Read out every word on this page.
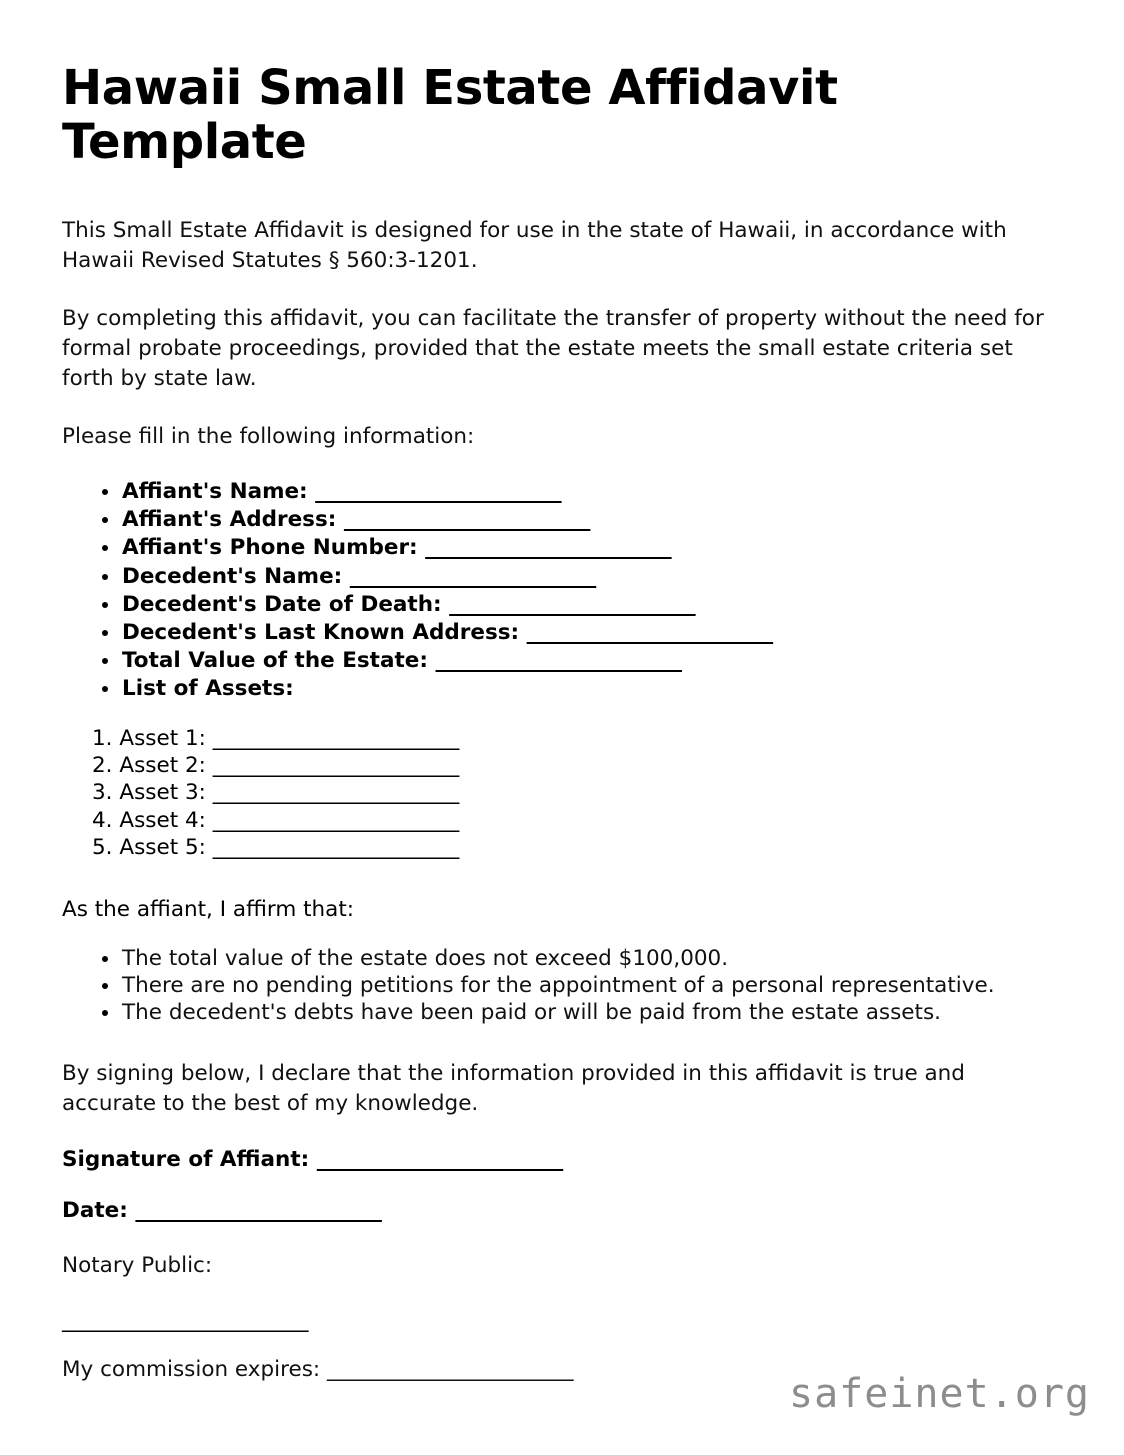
Hawaii Small Estate Affidavit Template

This Small Estate Affidavit is designed for use in the state of Hawaii, in accordance with Hawaii Revised Statutes § 560:3-1201.

By completing this affidavit, you can facilitate the transfer of property without the need for formal probate proceedings, provided that the estate meets the small estate criteria set forth by state law.

Please fill in the following information:

Affiant's Name: ________________________
Affiant's Address: ________________________
Affiant's Phone Number: ________________________
Decedent's Name: ________________________
Decedent's Date of Death: ________________________
Decedent's Last Known Address: ________________________
Total Value of the Estate: ________________________
List of Assets:
1. Asset 1: ________________________
2. Asset 2: ________________________
3. Asset 3: ________________________
4. Asset 4: ________________________
5. Asset 5: ________________________

As the affiant, I affirm that:

The total value of the estate does not exceed $100,000.
There are no pending petitions for the appointment of a personal representative.
The decedent's debts have been paid or will be paid from the estate assets.

By signing below, I declare that the information provided in this affidavit is true and accurate to the best of my knowledge.

Signature of Affiant: ________________________

Date: ________________________

Notary Public:

________________________

My commission expires: ________________________

safeinet.org
